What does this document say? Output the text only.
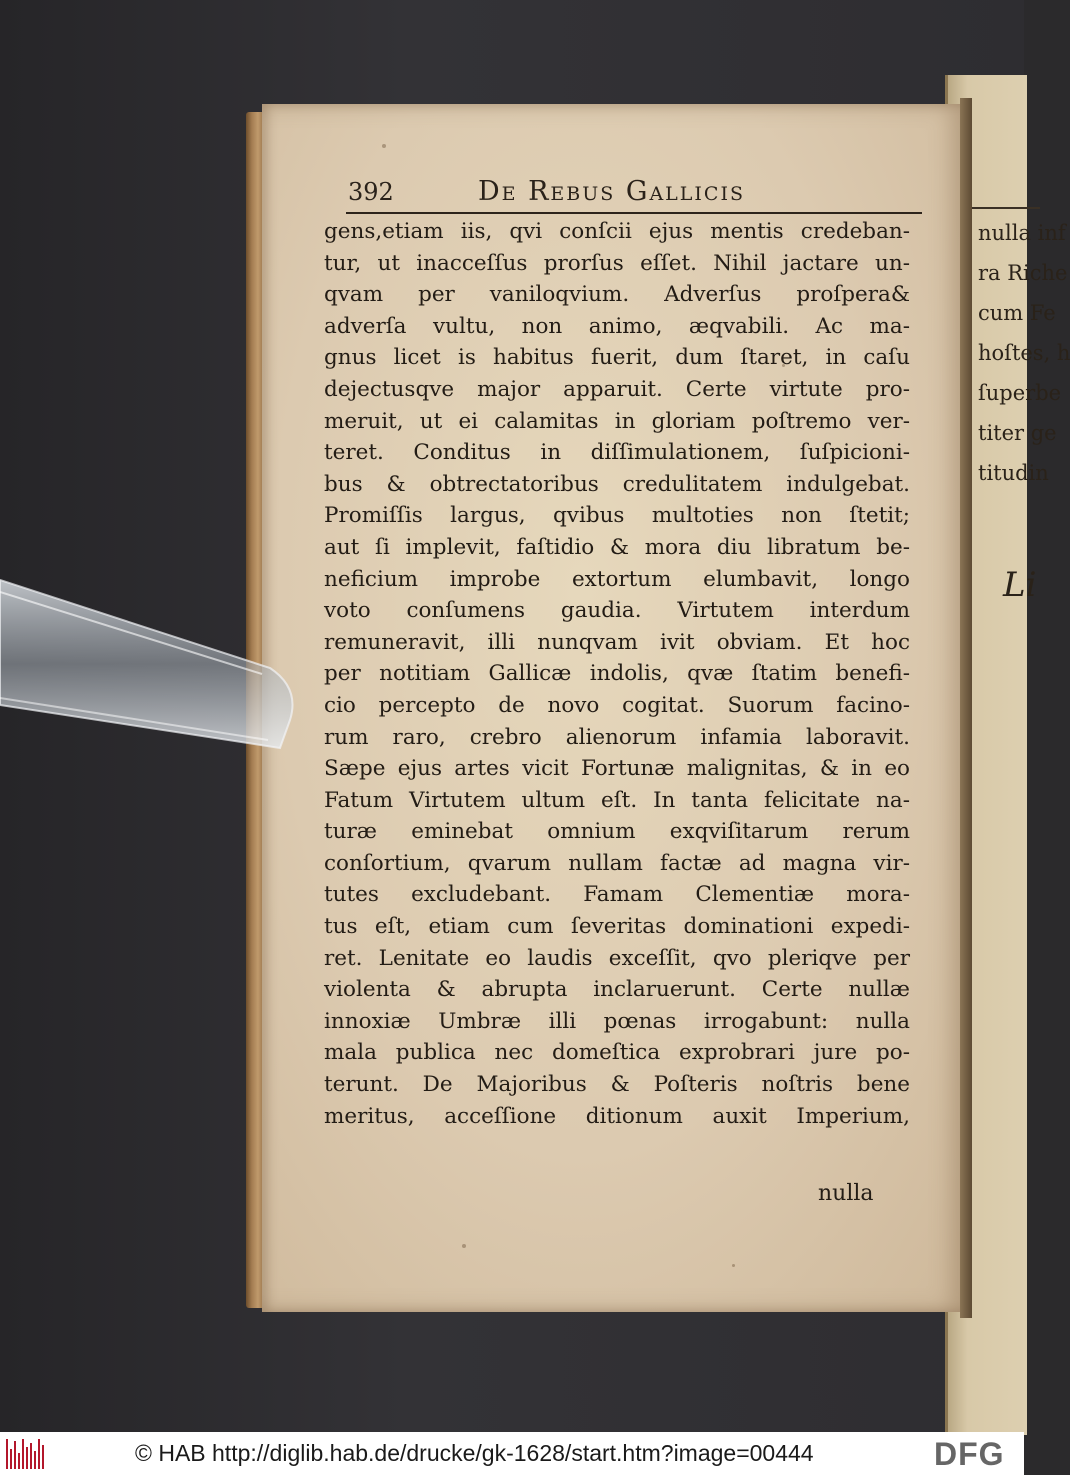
nulla inf
ra Riche
cum Fe
hoſtes, h
ſuperbe
titer ge
titudin
Li
392	De Rebus Gallicis
gens,etiam iis, qvi conſcii ejus mentis credeban-
tur, ut inacceſſus prorſus eſſet. Nihil jactare un-
qvam per vaniloqvium. Adverſus proſpera&
adverſa vultu, non animo, æqvabili. Ac ma-
gnus licet is habitus fuerit, dum ſtaret, in caſu
dejectusqve major apparuit. Certe virtute pro-
meruit, ut ei calamitas in gloriam poſtremo ver-
teret. Conditus in diſſimulationem, ſuſpicioni-
bus & obtrectatoribus credulitatem indulgebat.
Promiſſis largus, qvibus multoties non ſtetit;
aut ſi implevit, faſtidio & mora diu libratum be-
neficium improbe extortum elumbavit, longo
voto conſumens gaudia. Virtutem interdum
remuneravit, illi nunqvam ivit obviam. Et hoc
per notitiam Gallicæ indolis, qvæ ſtatim benefi-
cio percepto de novo cogitat. Suorum facino-
rum raro, crebro alienorum infamia laboravit.
Sæpe ejus artes vicit Fortunæ malignitas, & in eo
Fatum Virtutem ultum eſt. In tanta felicitate na-
turæ eminebat omnium exqviſitarum rerum
conſortium, qvarum nullam factæ ad magna vir-
tutes excludebant. Famam Clementiæ mora-
tus eſt, etiam cum ſeveritas dominationi expedi-
ret. Lenitate eo laudis exceſſit, qvo pleriqve per
violenta & abrupta inclaruerunt. Certe nullæ
innoxiæ Umbræ illi pœnas irrogabunt: nulla
mala publica nec domeſtica exprobrari jure po-
terunt. De Majoribus & Poſteris noſtris bene
meritus, acceſſione ditionum auxit Imperium,
nulla
© HAB http://diglib.hab.de/drucke/gk-1628/start.htm?image=00444	DFG
